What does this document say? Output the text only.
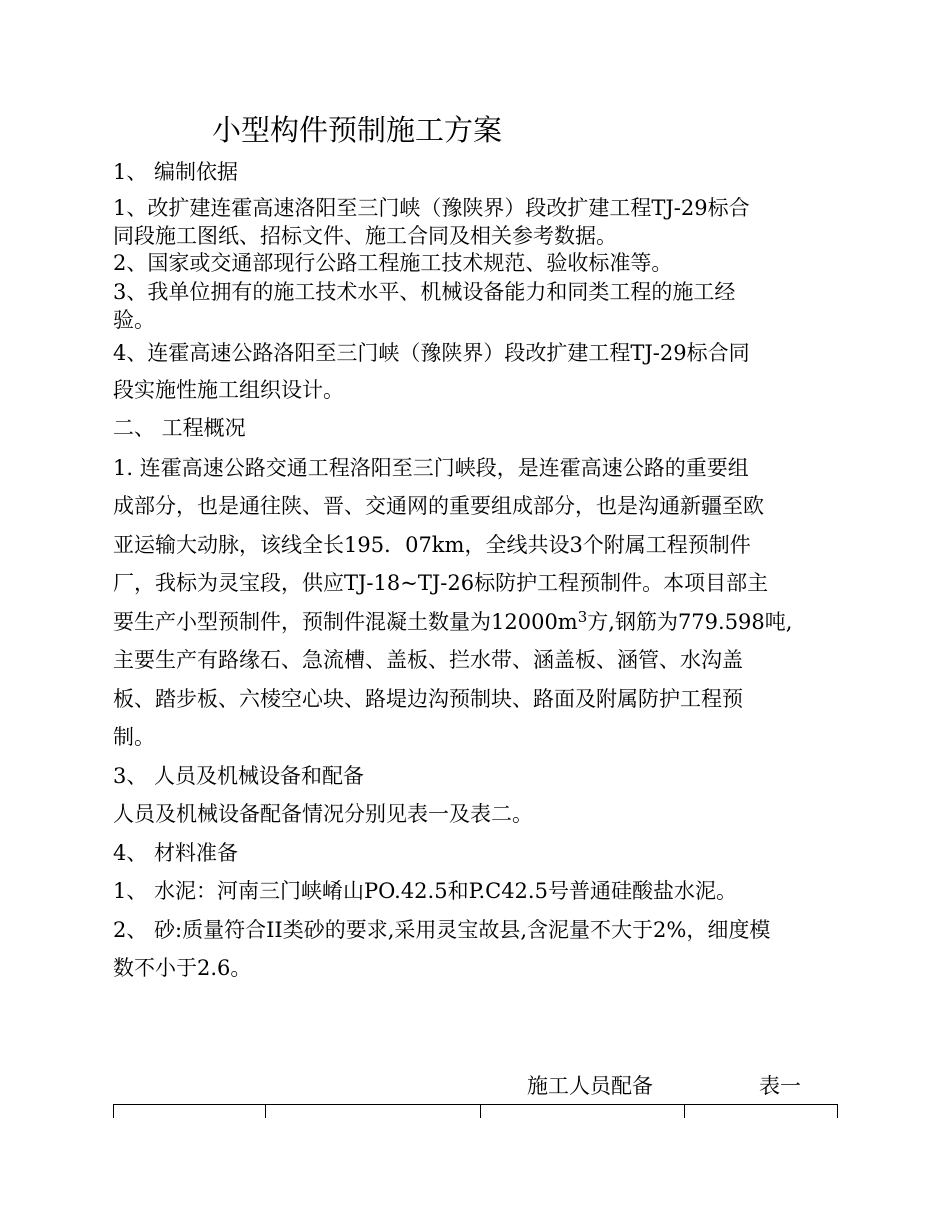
小型构件预制施工方案
1、 编制依据
1、改扩建连霍高速洛阳至三门峡（豫陕界）段改扩建工程TJ-29标合
同段施工图纸、招标文件、施工合同及相关参考数据。
2、国家或交通部现行公路工程施工技术规范、验收标准等。
3、我单位拥有的施工技术水平、机械设备能力和同类工程的施工经
验。
4、连霍高速公路洛阳至三门峡（豫陕界）段改扩建工程TJ-29标合同
段实施性施工组织设计。
二、 工程概况
1. 连霍高速公路交通工程洛阳至三门峡段，是连霍高速公路的重要组
成部分，也是通往陕、晋、交通网的重要组成部分，也是沟通新疆至欧
亚运输大动脉，该线全长195．07km，全线共设3个附属工程预制件
厂，我标为灵宝段，供应TJ-18~TJ-26标防护工程预制件。本项目部主
要生产小型预制件，预制件混凝土数量为$12000m^3$方,钢筋为779.598吨,
主要生产有路缘石、急流槽、盖板、拦水带、涵盖板、涵管、水沟盖
板、踏步板、六棱空心块、路堤边沟预制块、路面及附属防护工程预
制。
3、 人员及机械设备和配备
人员及机械设备配备情况分别见表一及表二。
4、 材料准备
1、 水泥：河南三门峡崤山PO.42.5和P.C42.5号普通硅酸盐水泥。
2、 砂:质量符合II类砂的要求,采用灵宝故县,含泥量不大于2%，细度模
数不小于2.6。
施工人员配备	表一
